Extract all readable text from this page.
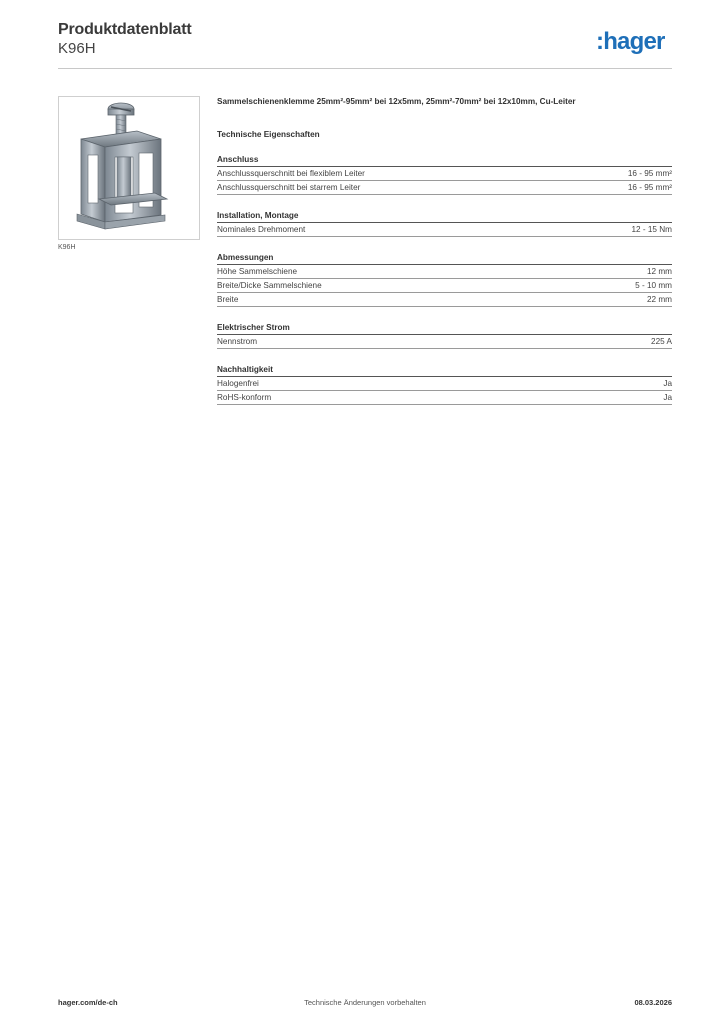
Produktdatenblatt
K96H	:hager
K96H
Sammelschienenklemme 25mm²-95mm² bei 12x5mm, 25mm²-70mm² bei 12x10mm, Cu-Leiter
Technische Eigenschaften
Anschluss
Anschlussquerschnitt bei flexiblem Leiter	16 - 95 mm²
Anschlussquerschnitt bei starrem Leiter	16 - 95 mm²
Installation, Montage
Nominales Drehmoment	12 - 15 Nm
Abmessungen
Höhe Sammelschiene	12 mm
Breite/Dicke Sammelschiene	5 - 10 mm
Breite	22 mm
Elektrischer Strom
Nennstrom	225 A
Nachhaltigkeit
Halogenfrei	Ja
RoHS-konform	Ja
hager.com/de-ch	Technische Änderungen vorbehalten	08.03.2026
